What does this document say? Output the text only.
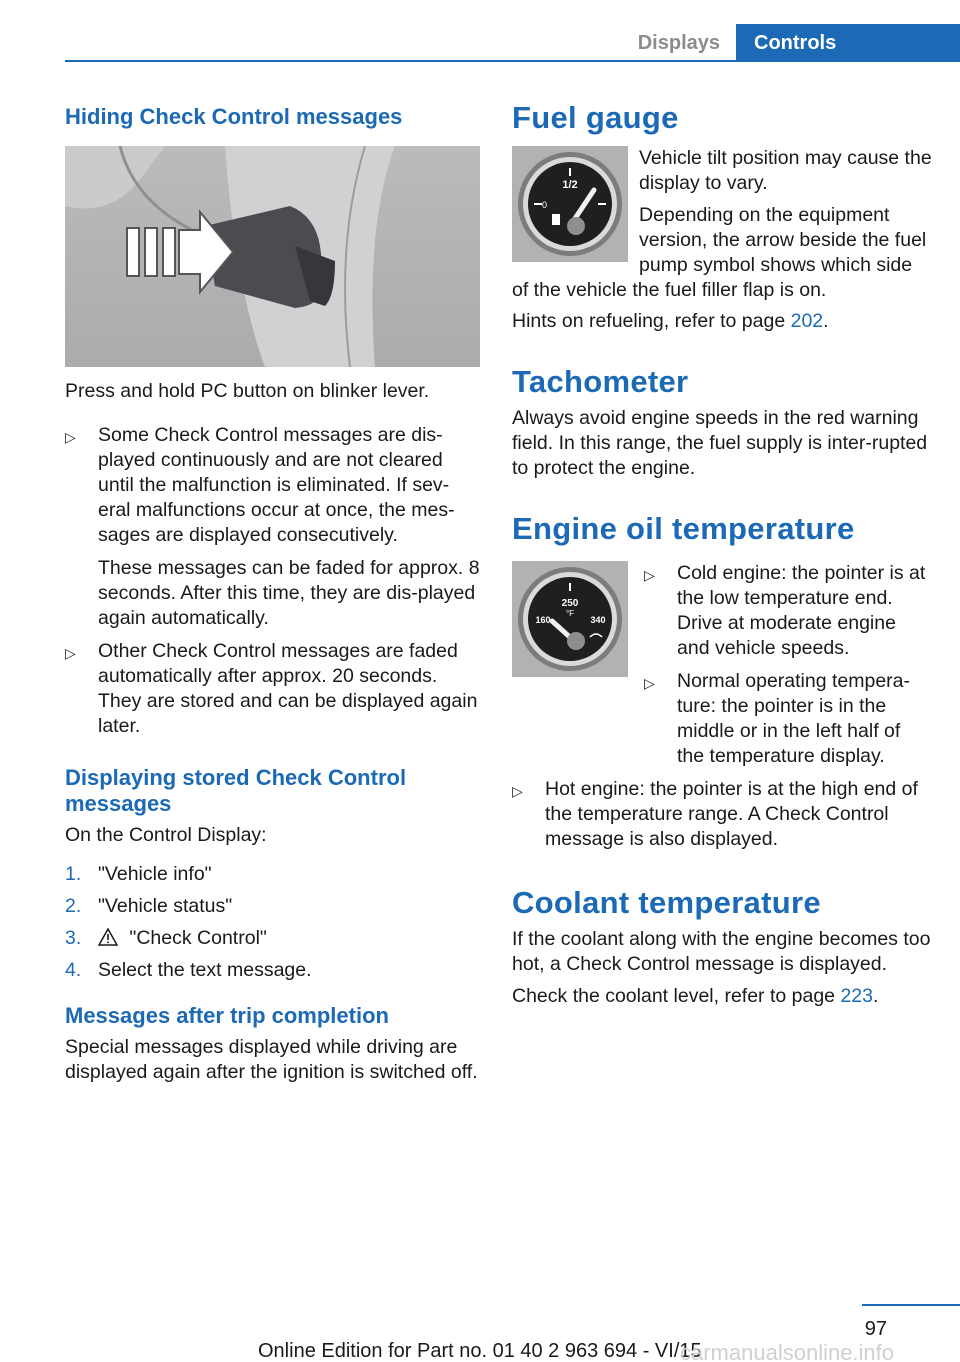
Displays	Controls
Hiding Check Control messages

Press and hold PC button on blinker lever.

▷ Some Check Control messages are dis-played continuously and are not cleared until the malfunction is eliminated. If sev-eral malfunctions occur at once, the mes-sages are displayed consecutively.
These messages can be faded for approx. 8 seconds. After this time, they are dis-played again automatically.
▷ Other Check Control messages are faded automatically after approx. 20 seconds. They are stored and can be displayed again later.
Displaying stored Check Control messages

On the Control Display:

1. "Vehicle info"
2. "Vehicle status"
3. "Check Control"
4. Select the text message.
Messages after trip completion

Special messages displayed while driving are displayed again after the ignition is switched off.

Fuel gauge
1/2
0

Vehicle tilt position may cause the display to vary.

Depending on the equipment version, the arrow beside the fuel pump symbol shows which side of the vehicle the fuel filler flap is on.

Hints on refueling, refer to page 202.

Tachometer

Always avoid engine speeds in the red warning field. In this range, the fuel supply is inter-rupted to protect the engine.

Engine oil temperature
250
°F
160	340
▷ Cold engine: the pointer is at the low temperature end. Drive at moderate engine and vehicle speeds.
▷ Normal operating tempera-ture: the pointer is in the middle or in the left half of the temperature display.
▷ Hot engine: the pointer is at the high end of the temperature range. A Check Control message is also displayed.
Coolant temperature

If the coolant along with the engine becomes too hot, a Check Control message is displayed.

Check the coolant level, refer to page 223.

97
Online Edition for Part no. 01 40 2 963 694 - VI/15
carmanualsonline.info
